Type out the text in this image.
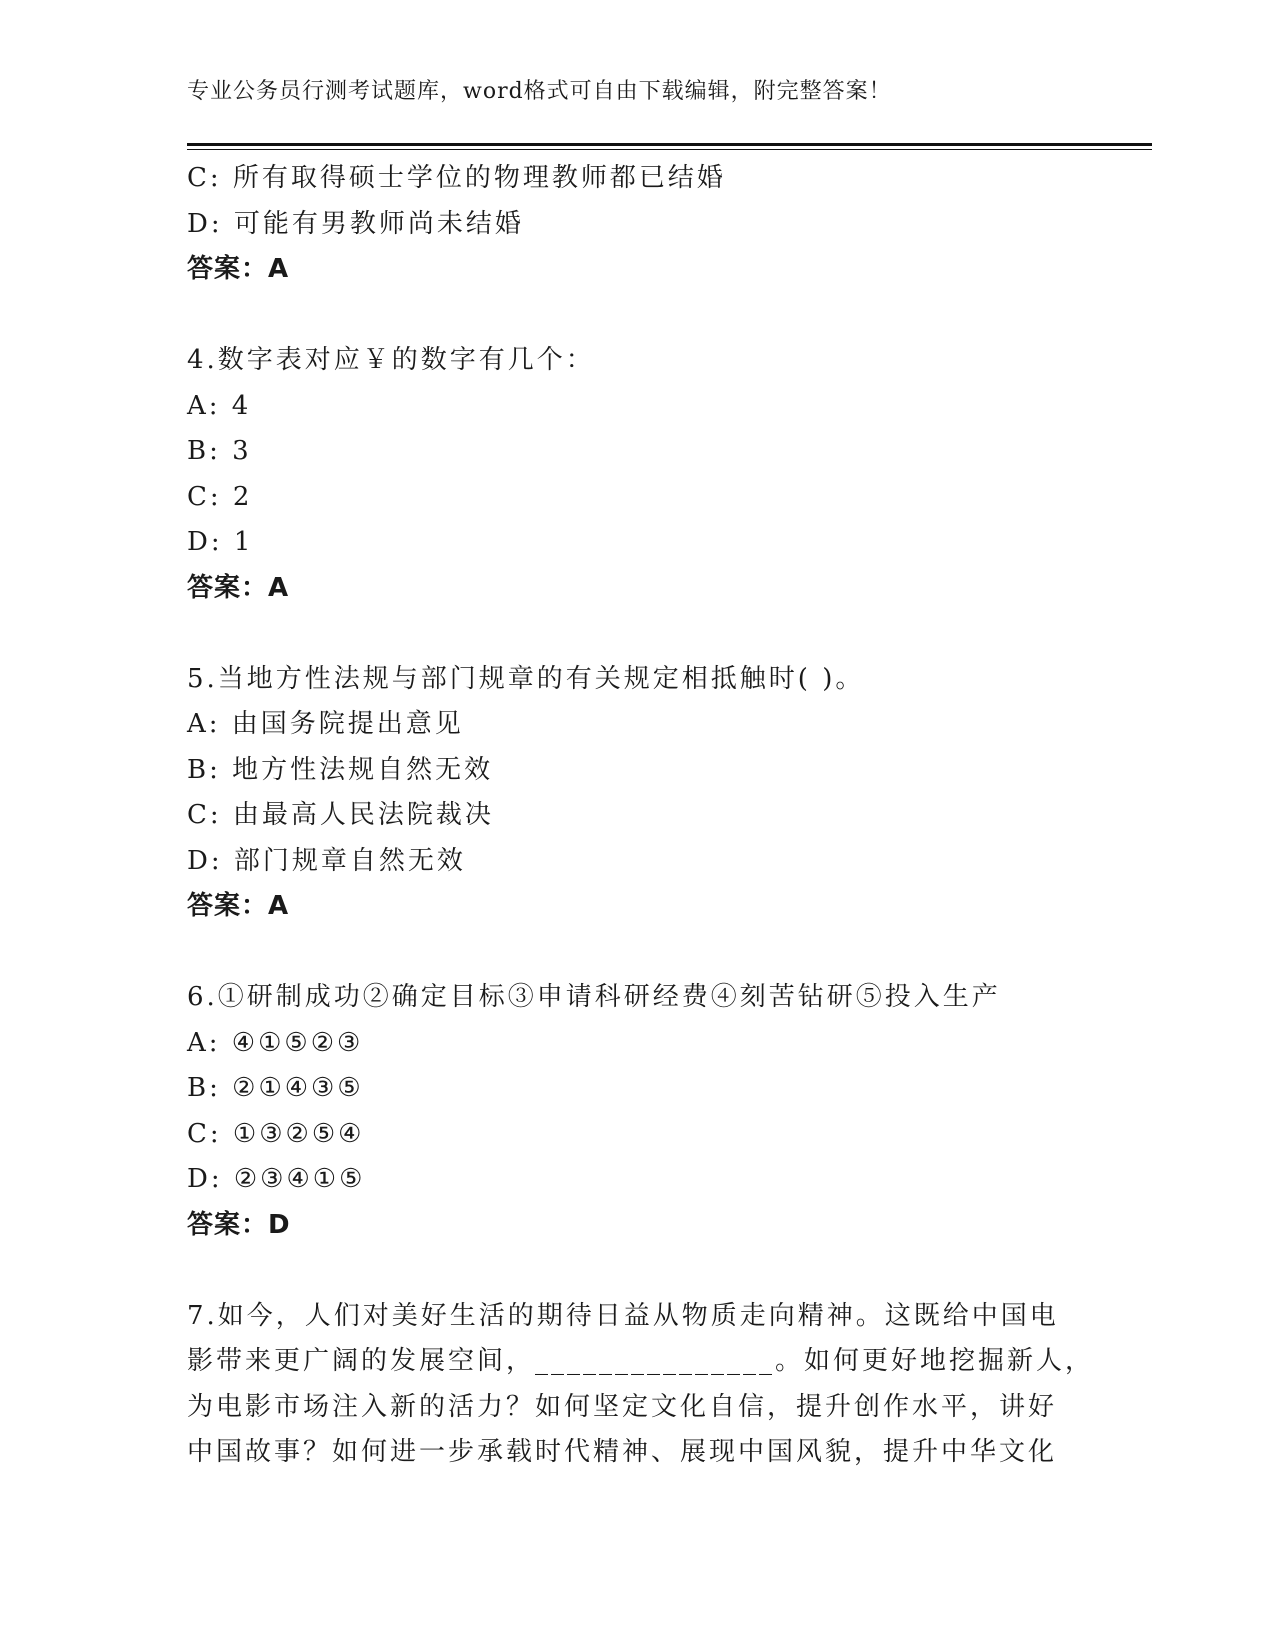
专业公务员行测考试题库，word格式可自由下载编辑，附完整答案！
C: 所有取得硕士学位的物理教师都已结婚
D: 可能有男教师尚未结婚
答案：A
4.数字表对应￥的数字有几个：
A: 4
B: 3
C: 2
D: 1
答案：A
5.当地方性法规与部门规章的有关规定相抵触时( )。
A: 由国务院提出意见
B: 地方性法规自然无效
C: 由最高人民法院裁决
D: 部门规章自然无效
答案：A
6.①研制成功②确定目标③申请科研经费④刻苦钻研⑤投入生产
A: ④①⑤②③
B: ②①④③⑤
C: ①③②⑤④
D: ②③④①⑤
答案：D
7.如今，人们对美好生活的期待日益从物质走向精神。这既给中国电
影带来更广阔的发展空间，_______________。如何更好地挖掘新人，
为电影市场注入新的活力？如何坚定文化自信，提升创作水平，讲好
中国故事？如何进一步承载时代精神、展现中国风貌，提升中华文化
